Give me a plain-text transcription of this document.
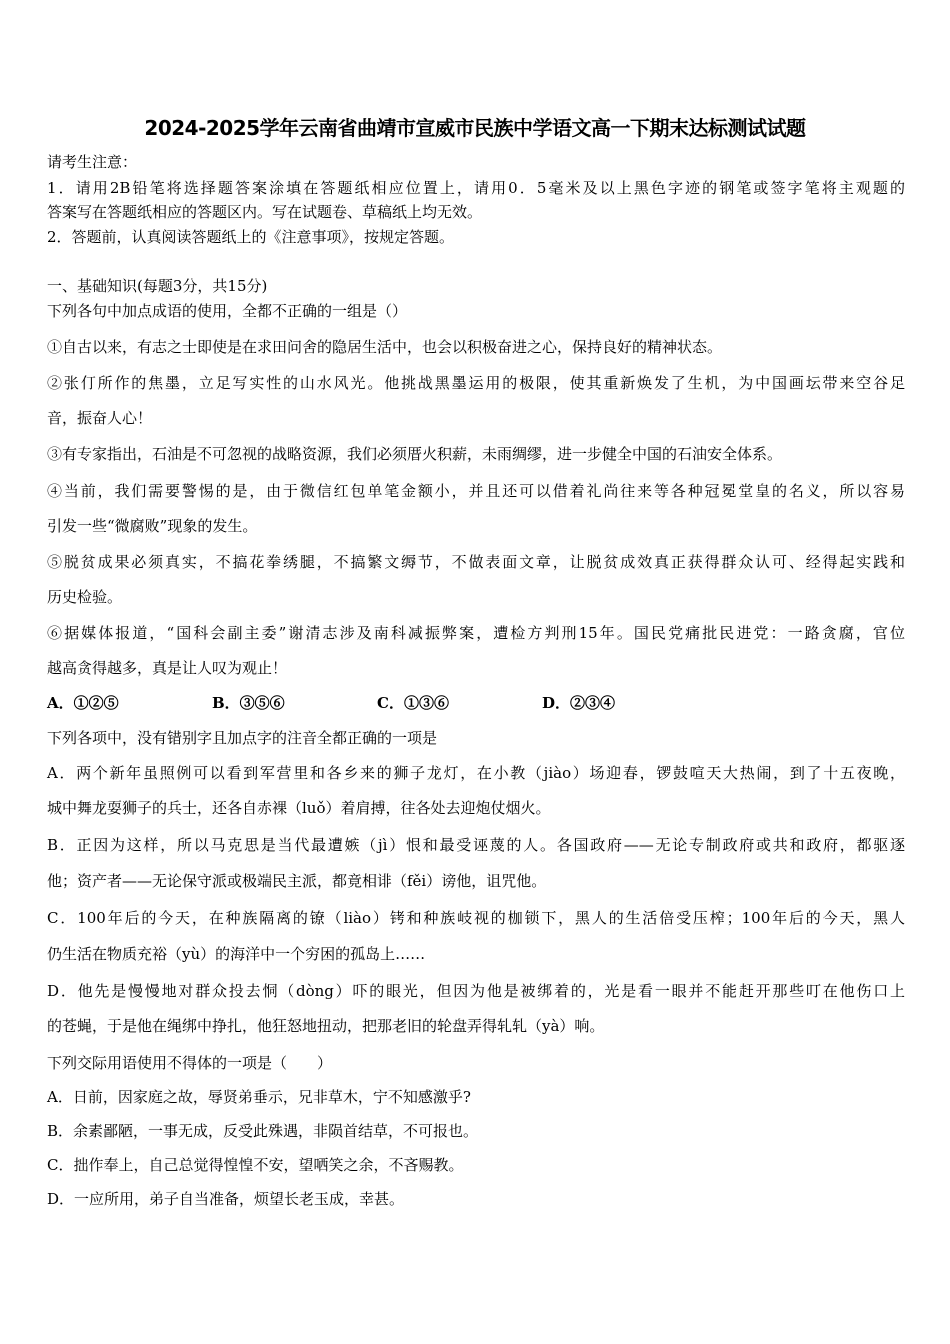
2024-2025学年云南省曲靖市宣威市民族中学语文高一下期末达标测试试题
请考生注意：
1．请用2B铅笔将选择题答案涂填在答题纸相应位置上，请用0．5毫米及以上黑色字迹的钢笔或签字笔将主观题的
答案写在答题纸相应的答题区内。写在试题卷、草稿纸上均无效。
2．答题前，认真阅读答题纸上的《注意事项》，按规定答题。
一、基础知识(每题3分，共15分)
下列各句中加点成语的使用，全都不正确的一组是（）
①自古以来，有志之士即使是在求田问舍的隐居生活中，也会以积极奋进之心，保持良好的精神状态。
②张仃所作的焦墨，立足写实性的山水风光。他挑战黑墨运用的极限，使其重新焕发了生机，为中国画坛带来空谷足
音，振奋人心！
③有专家指出，石油是不可忽视的战略资源，我们必须厝火积薪，未雨绸缪，进一步健全中国的石油安全体系。
④当前，我们需要警惕的是，由于微信红包单笔金额小，并且还可以借着礼尚往来等各种冠冕堂皇的名义，所以容易
引发一些“微腐败”现象的发生。
⑤脱贫成果必须真实，不搞花拳绣腿，不搞繁文缛节，不做表面文章，让脱贫成效真正获得群众认可、经得起实践和
历史检验。
⑥据媒体报道，“国科会副主委”谢清志涉及南科减振弊案，遭检方判刑15年。国民党痛批民进党：一路贪腐，官位
越高贪得越多，真是让人叹为观止！
A．①②⑤	B．③⑤⑥	C．①③⑥	D．②③④
下列各项中，没有错别字且加点字的注音全都正确的一项是
A．两个新年虽照例可以看到军营里和各乡来的狮子龙灯，在小教（jiào）场迎春，锣鼓喧天大热闹，到了十五夜晚，
城中舞龙耍狮子的兵士，还各自赤裸（luǒ）着肩搏，往各处去迎炮仗烟火。
B．正因为这样，所以马克思是当代最遭嫉（jì）恨和最受诬蔑的人。各国政府——无论专制政府或共和政府，都驱逐
他；资产者——无论保守派或极端民主派，都竟相诽（fěi）谤他，诅咒他。
C．100年后的今天，在种族隔离的镣（liào）铐和种族岐视的枷锁下，黑人的生活倍受压榨；100年后的今天，黑人
仍生活在物质充裕（yù）的海洋中一个穷困的孤岛上……
D．他先是慢慢地对群众投去恫（dòng）吓的眼光，但因为他是被绑着的，光是看一眼并不能赶开那些叮在他伤口上
的苍蝇，于是他在绳绑中挣扎，他狂怒地扭动，把那老旧的轮盘弄得轧轧（yà）响。
下列交际用语使用不得体的一项是（　　）
A．日前，因家庭之故，辱贤弟垂示，兄非草木，宁不知感激乎?
B．余素鄙陋，一事无成，反受此殊遇，非陨首结草，不可报也。
C．拙作奉上，自己总觉得惶惶不安，望哂笑之余，不吝赐教。
D．一应所用，弟子自当准备，烦望长老玉成，幸甚。
